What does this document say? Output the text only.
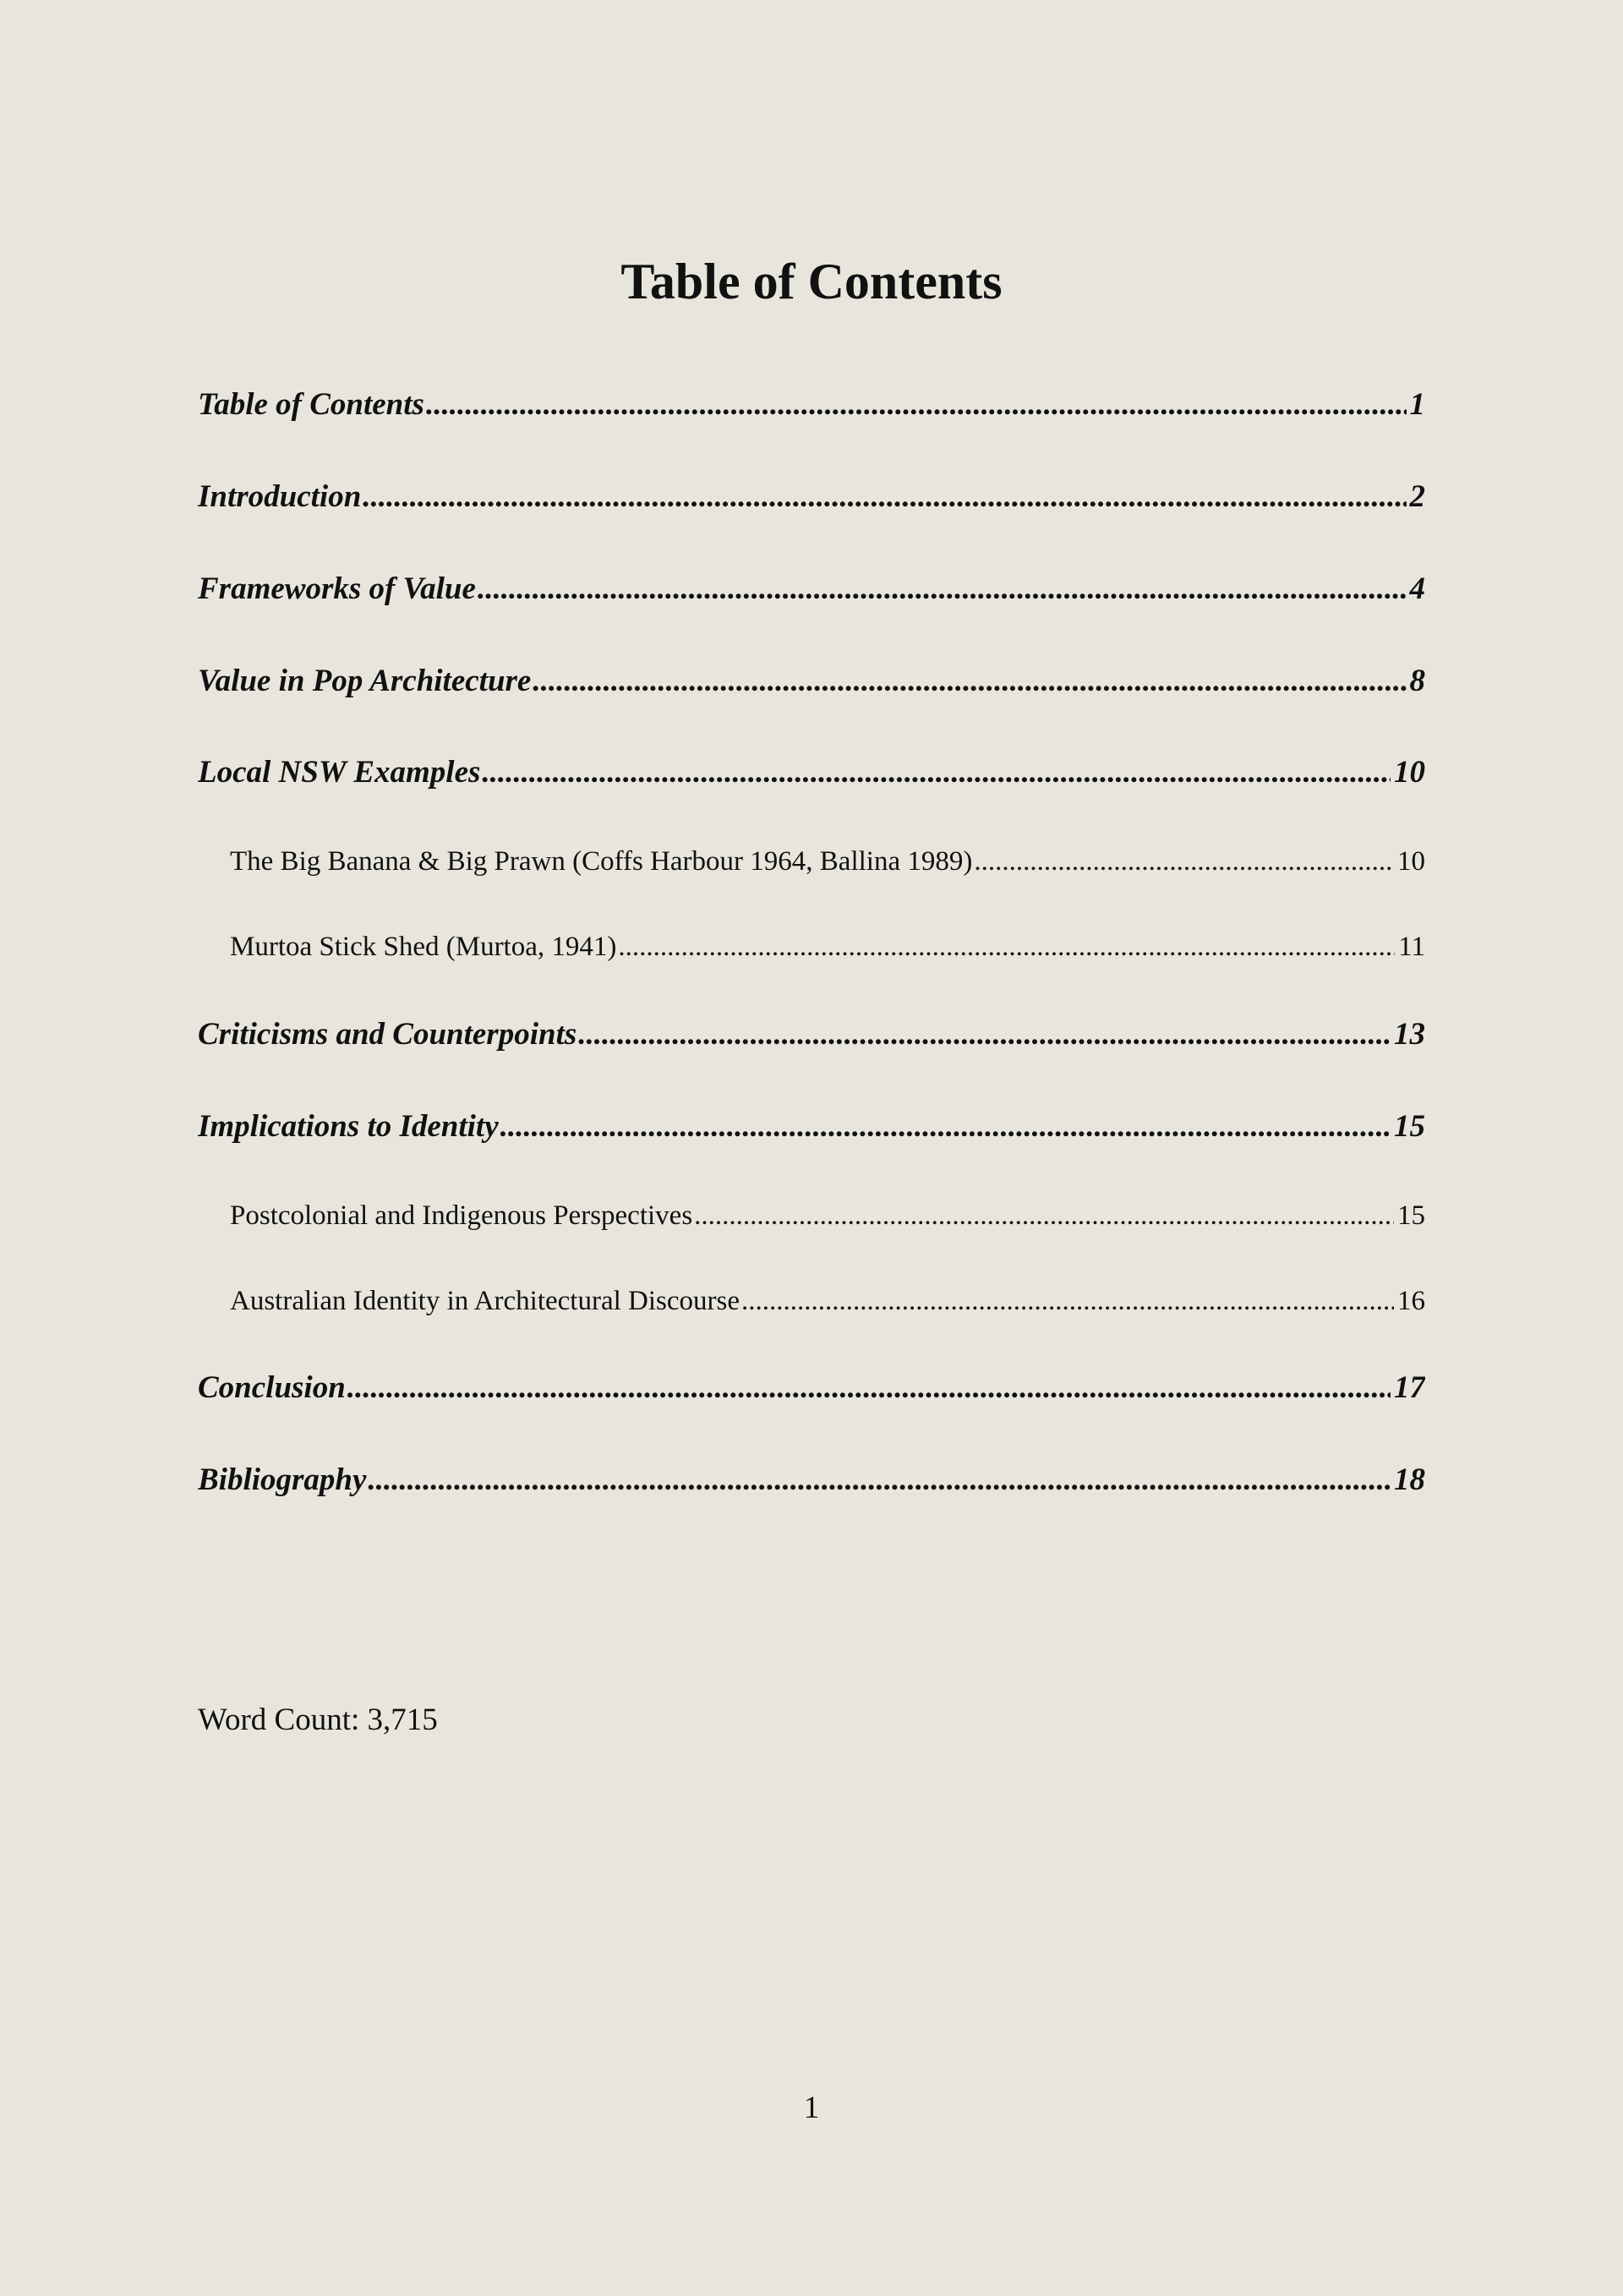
Table of Contents
Table of Contents .....	1
Introduction .....	2
Frameworks of Value .....	4
Value in Pop Architecture .....	8
Local NSW Examples .....	10
The Big Banana & Big Prawn (Coffs Harbour 1964, Ballina 1989) .....	10
Murtoa Stick Shed (Murtoa, 1941) .....	11
Criticisms and Counterpoints .....	13
Implications to Identity .....	15
Postcolonial and Indigenous Perspectives .....	15
Australian Identity in Architectural Discourse .....	16
Conclusion .....	17
Bibliography .....	18
Word Count: 3,715
1
